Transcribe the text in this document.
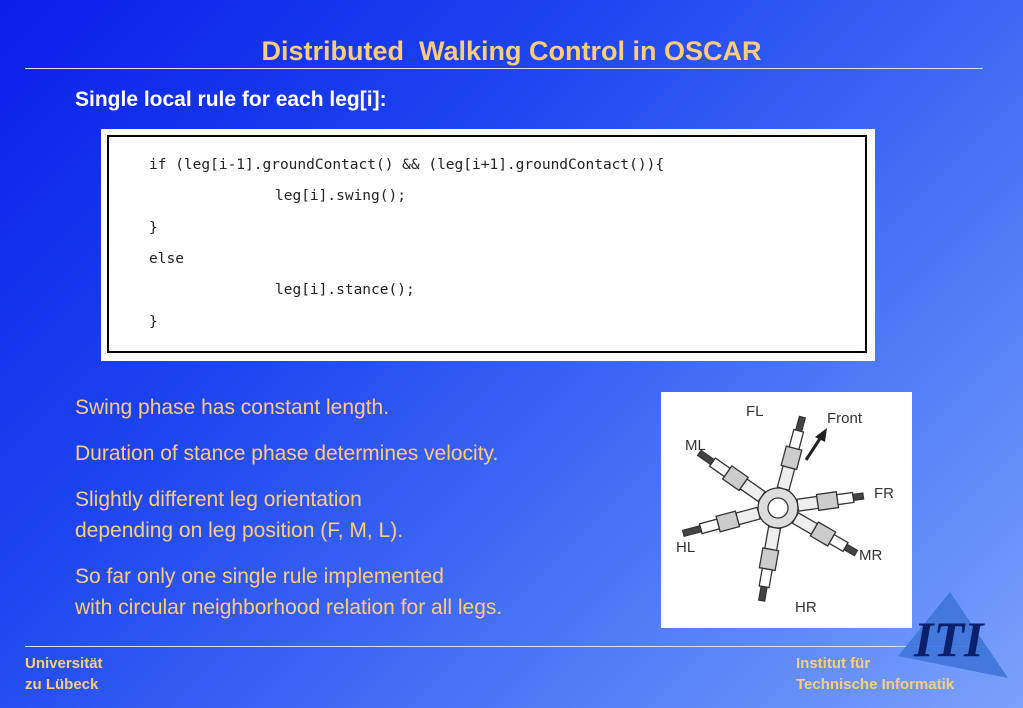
Distributed  Walking Control in OSCAR
Single local rule for each leg[i]:
if (leg[i-1].groundContact() && (leg[i+1].groundContact()){
leg[i].swing();
}
else
leg[i].stance();
}
Swing phase has constant length.
Duration of stance phase determines velocity.
Slightly different leg orientation
depending on leg position (F, M, L).
So far only one single rule implemented
with circular neighborhood relation for all legs.
FL	Front
ML
FR
HL	MR
HR
Universität
zu Lübeck
ITI
Institut für
Technische Informatik
